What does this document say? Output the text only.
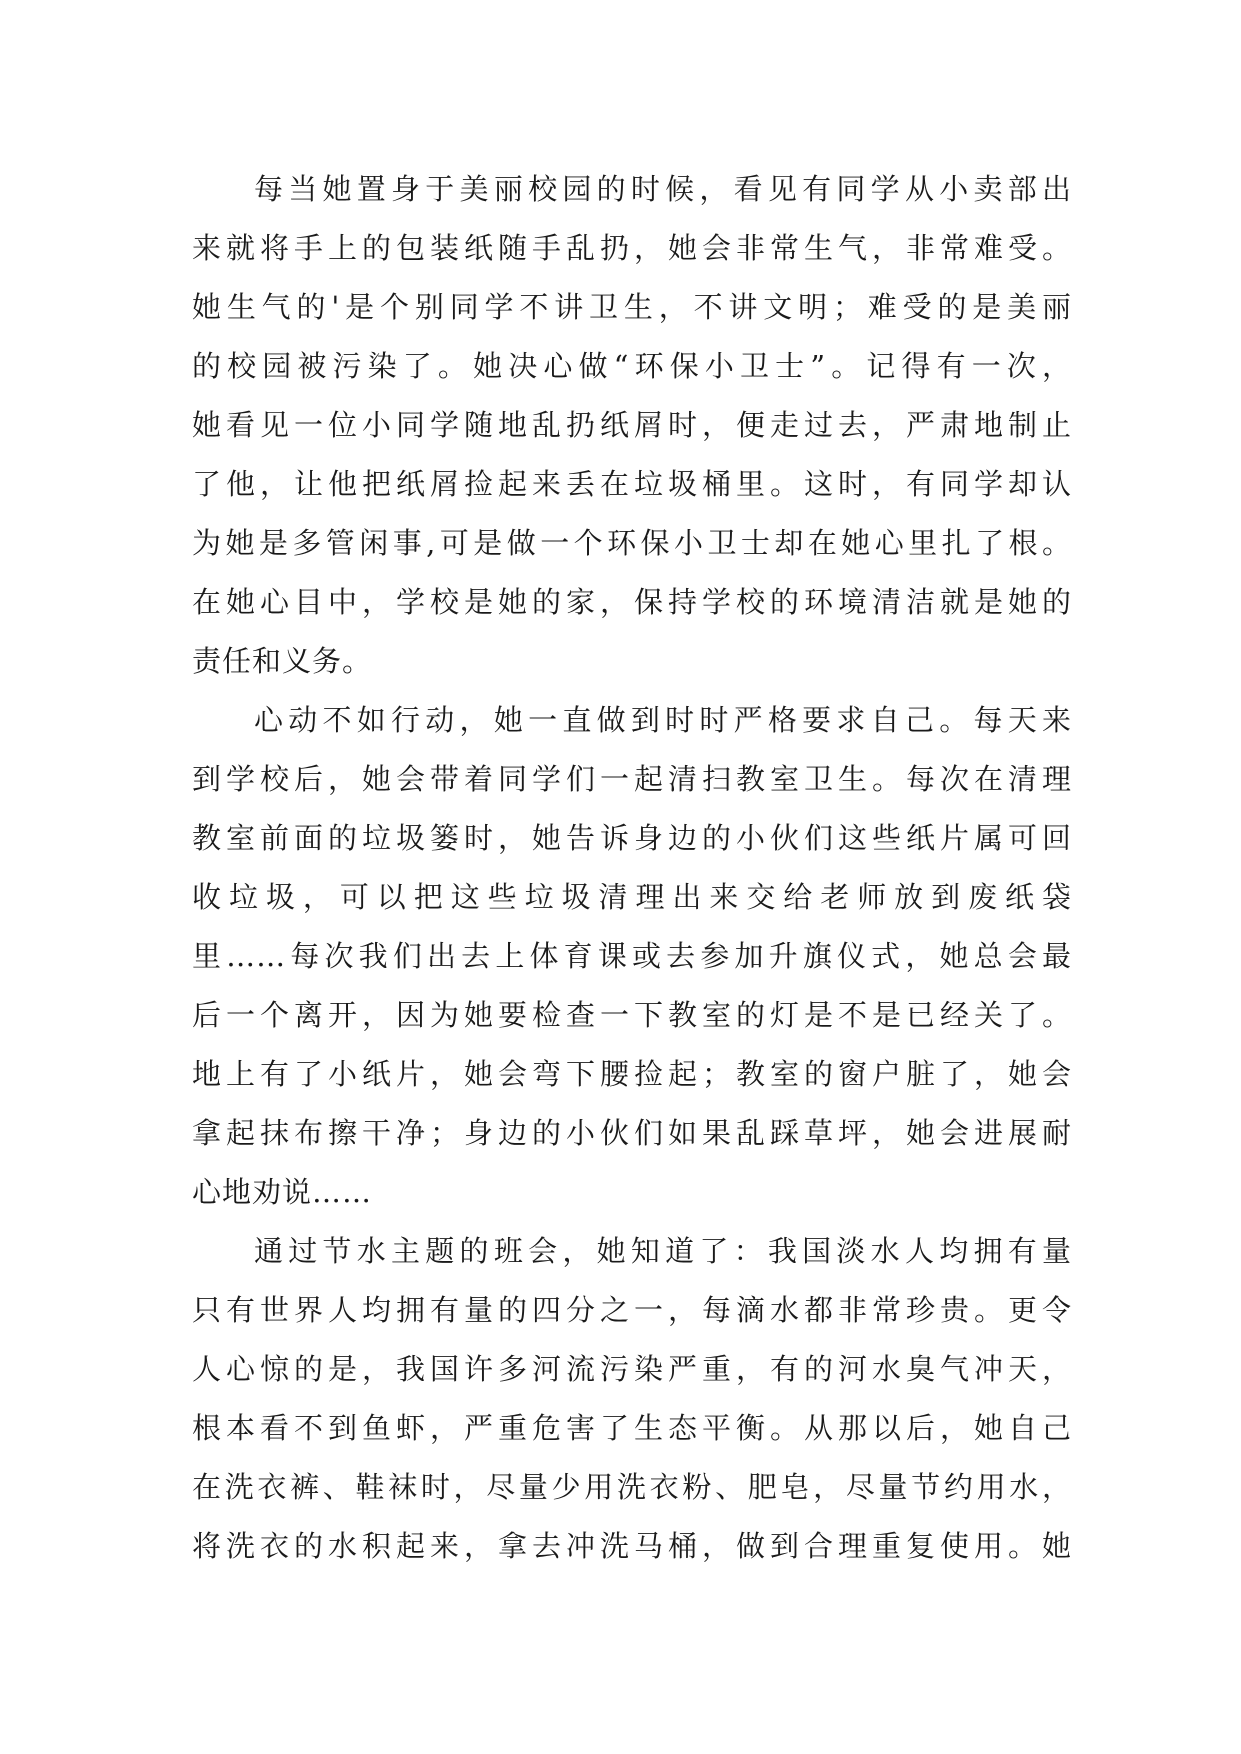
每当她置身于美丽校园的时候，看见有同学从小卖部出
来就将手上的包装纸随手乱扔，她会非常生气，非常难受。
她生气的'是个别同学不讲卫生，不讲文明；难受的是美丽
的校园被污染了。她决心做“环保小卫士”。记得有一次，
她看见一位小同学随地乱扔纸屑时，便走过去，严肃地制止
了他，让他把纸屑捡起来丢在垃圾桶里。这时，有同学却认
为她是多管闲事,可是做一个环保小卫士却在她心里扎了根。
在她心目中，学校是她的家，保持学校的环境清洁就是她的
责任和义务。
心动不如行动，她一直做到时时严格要求自己。每天来
到学校后，她会带着同学们一起清扫教室卫生。每次在清理
教室前面的垃圾篓时，她告诉身边的小伙们这些纸片属可回
收垃圾，可以把这些垃圾清理出来交给老师放到废纸袋
里……每次我们出去上体育课或去参加升旗仪式，她总会最
后一个离开，因为她要检查一下教室的灯是不是已经关了。
地上有了小纸片，她会弯下腰捡起；教室的窗户脏了，她会
拿起抹布擦干净；身边的小伙们如果乱踩草坪，她会进展耐
心地劝说……
通过节水主题的班会，她知道了：我国淡水人均拥有量
只有世界人均拥有量的四分之一，每滴水都非常珍贵。更令
人心惊的是，我国许多河流污染严重，有的河水臭气冲天，
根本看不到鱼虾，严重危害了生态平衡。从那以后，她自己
在洗衣裤、鞋袜时，尽量少用洗衣粉、肥皂，尽量节约用水，
将洗衣的水积起来，拿去冲洗马桶，做到合理重复使用。她
